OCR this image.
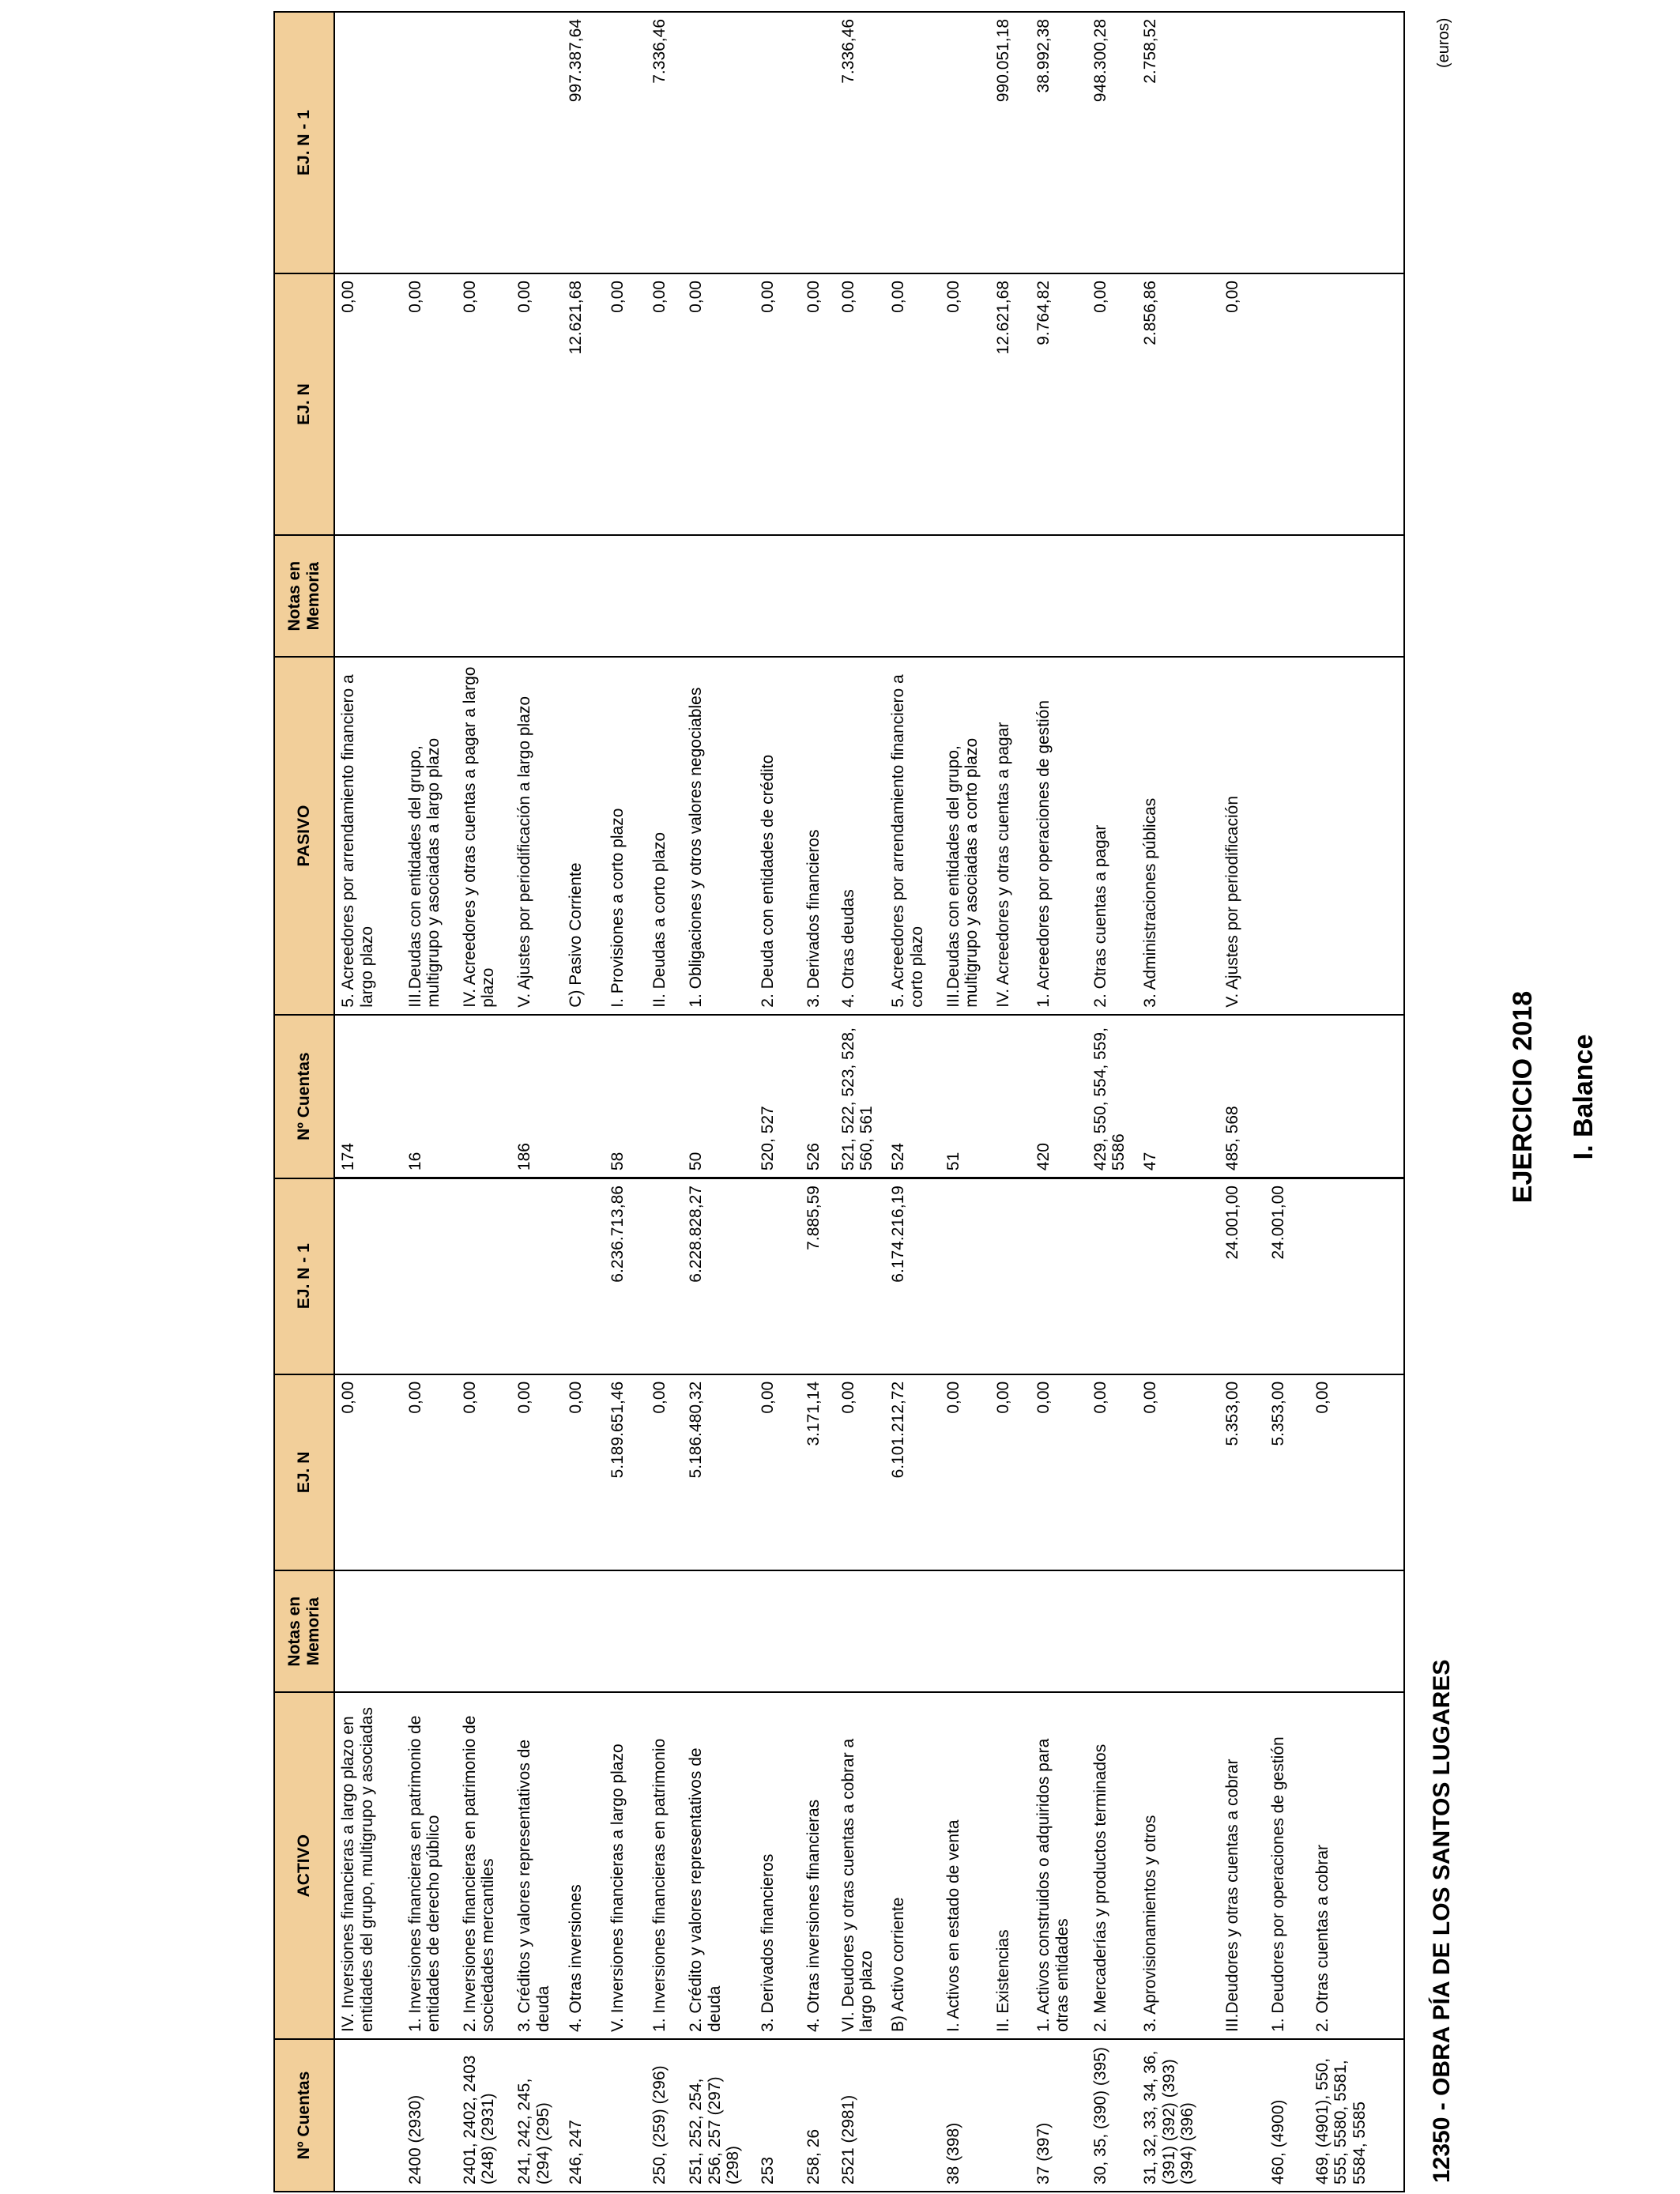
I. Balance
EJERCICIO 2018
12350 - OBRA PÍA DE LOS SANTOS LUGARES
(euros)
Nº Cuentas	ACTIVO	Notas en Memoria	EJ. N	EJ. N - 1	Nº Cuentas	PASIVO	Notas en Memoria	EJ. N	EJ. N - 1
	IV. Inversiones financieras a largo plazo en entidades del grupo, multigrupo y asociadas		0,00		174	5. Acreedores por arrendamiento financiero a largo plazo		0,00	
2400 (2930)	1. Inversiones financieras en patrimonio de entidades de derecho público		0,00		16	III.Deudas con entidades del grupo, multigrupo y asociadas a largo plazo		0,00	
2401, 2402, 2403 (248) (2931)	2. Inversiones financieras en patrimonio de sociedades mercantiles		0,00			IV. Acreedores y otras cuentas a pagar a largo plazo		0,00	
241, 242, 245, (294) (295)	3. Créditos y valores representativos de deuda		0,00		186	V. Ajustes por periodificación a largo plazo		0,00	
246, 247	4. Otras inversiones		0,00			C) Pasivo Corriente		12.621,68	997.387,64
	V. Inversiones financieras a largo plazo		5.189.651,46	6.236.713,86	58	I. Provisiones a corto plazo		0,00	
250, (259) (296)	1. Inversiones financieras en patrimonio		0,00			II. Deudas a corto plazo		0,00	7.336,46
251, 252, 254, 256, 257 (297) (298)	2. Crédito y valores representativos de deuda		5.186.480,32	6.228.828,27	50	1. Obligaciones y otros valores negociables		0,00	
253	3. Derivados financieros		0,00		520, 527	2. Deuda con entidades de crédito		0,00	
258, 26	4. Otras inversiones financieras		3.171,14	7.885,59	526	3. Derivados financieros		0,00	
2521 (2981)	VI. Deudores y otras cuentas a cobrar a largo plazo		0,00		521, 522, 523, 528, 560, 561	4. Otras deudas		0,00	7.336,46
	B) Activo corriente		6.101.212,72	6.174.216,19	524	5. Acreedores por arrendamiento financiero a corto plazo		0,00	
38 (398)	I. Activos en estado de venta		0,00		51	III.Deudas con entidades del grupo, multigrupo y asociadas a corto plazo		0,00	
	II. Existencias		0,00			IV. Acreedores y otras cuentas a pagar		12.621,68	990.051,18
37 (397)	1. Activos construidos o adquiridos para otras entidades		0,00		420	1. Acreedores por operaciones de gestión		9.764,82	38.992,38
30, 35, (390) (395)	2. Mercaderías y productos terminados		0,00		429, 550, 554, 559, 5586	2. Otras cuentas a pagar		0,00	948.300,28
31, 32, 33, 34, 36, (391) (392) (393) (394) (396)	3. Aprovisionamientos y otros		0,00		47	3. Administraciones públicas		2.856,86	2.758,52
	III.Deudores y otras cuentas a cobrar		5.353,00	24.001,00	485, 568	V. Ajustes por periodificación		0,00	
460, (4900)	1. Deudores por operaciones de gestión		5.353,00	24.001,00					
469, (4901), 550, 555, 5580, 5581, 5584, 5585	2. Otras cuentas a cobrar		0,00						
